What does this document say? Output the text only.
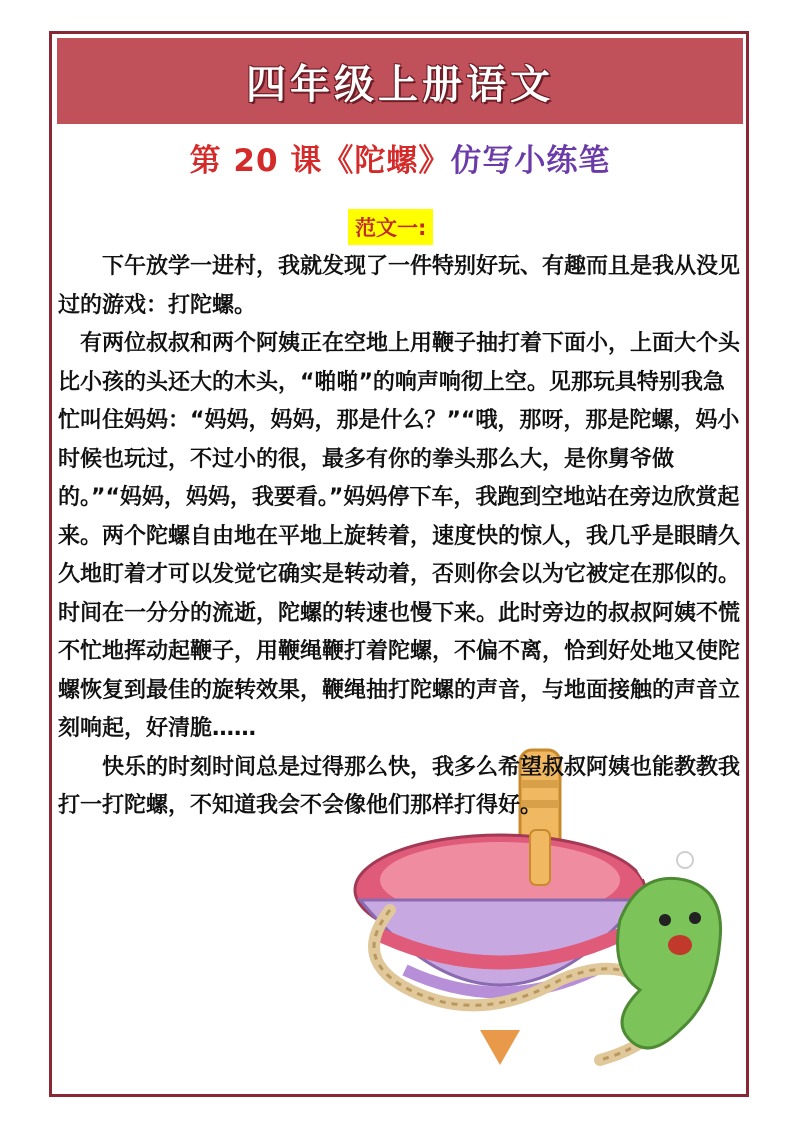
四年级上册语文
第 20 课《陀螺》仿写小练笔
范文一:

　　下午放学一进村，我就发现了一件特别好玩、有趣而且是我从没见过的游戏：打陀螺。

　有两位叔叔和两个阿姨正在空地上用鞭子抽打着下面小，上面大个头比小孩的头还大的木头，“啪啪”的响声响彻上空。见那玩具特别我急忙叫住妈妈：“妈妈，妈妈，那是什么？”“哦，那呀，那是陀螺，妈小时候也玩过，不过小的很，最多有你的拳头那么大，是你舅爷做的。”“妈妈，妈妈，我要看。”妈妈停下车，我跑到空地站在旁边欣赏起来。两个陀螺自由地在平地上旋转着，速度快的惊人，我几乎是眼睛久久地盯着才可以发觉它确实是转动着，否则你会以为它被定在那似的。时间在一分分的流逝，陀螺的转速也慢下来。此时旁边的叔叔阿姨不慌不忙地挥动起鞭子，用鞭绳鞭打着陀螺，不偏不离，恰到好处地又使陀螺恢复到最佳的旋转效果，鞭绳抽打陀螺的声音，与地面接触的声音立刻响起，好清脆……

　　快乐的时刻时间总是过得那么快，我多么希望叔叔阿姨也能教教我打一打陀螺，不知道我会不会像他们那样打得好。
